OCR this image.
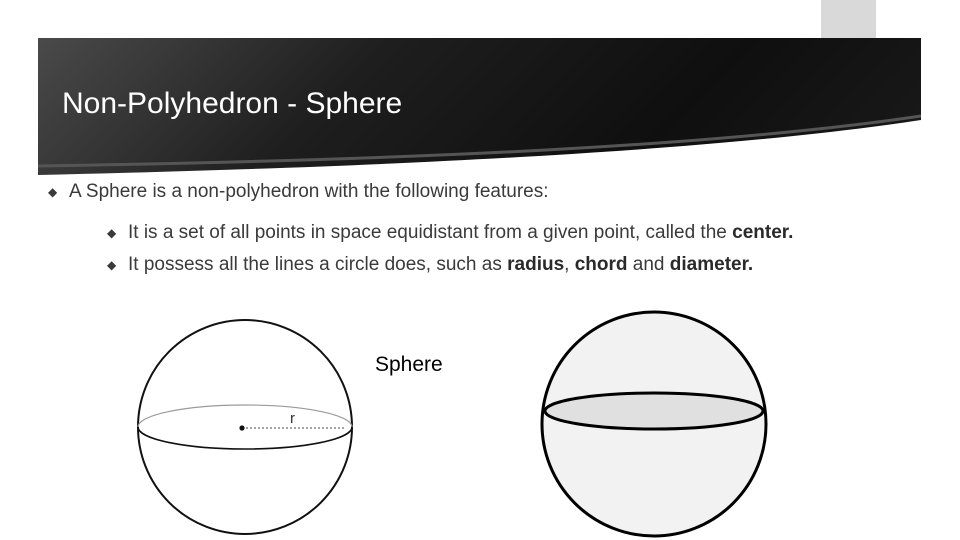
Non-Polyhedron - Sphere
◆ A Sphere is a non-polyhedron with the following features:
◆ It is a set of all points in space equidistant from a given point, called the center.
◆ It possess all the lines a circle does, such as radius, chord and diameter.
r
Sphere
